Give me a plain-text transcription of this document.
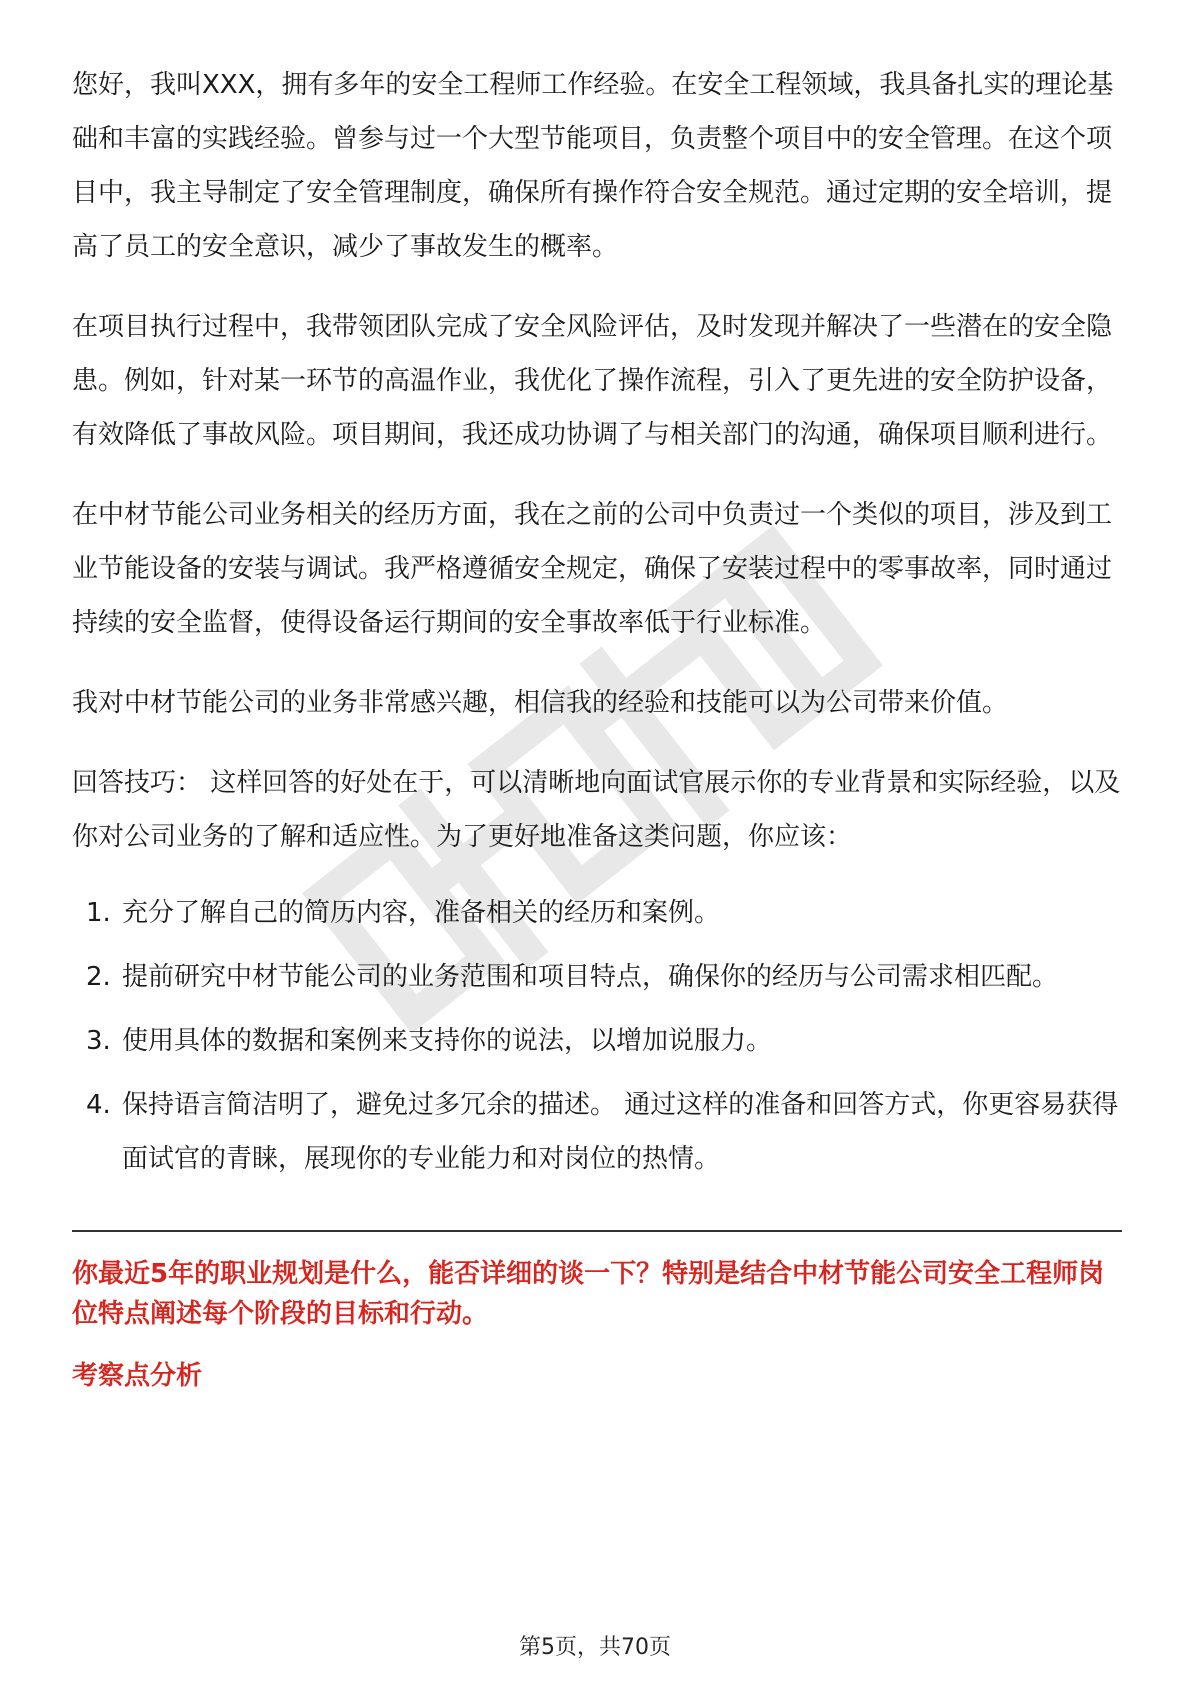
您好，我叫XXX，拥有多年的安全工程师工作经验。在安全工程领域，我具备扎实的理论基础和丰富的实践经验。曾参与过一个大型节能项目，负责整个项目中的安全管理。在这个项目中，我主导制定了安全管理制度，确保所有操作符合安全规范。通过定期的安全培训，提高了员工的安全意识，减少了事故发生的概率。

在项目执行过程中，我带领团队完成了安全风险评估，及时发现并解决了一些潜在的安全隐患。例如，针对某一环节的高温作业，我优化了操作流程，引入了更先进的安全防护设备，有效降低了事故风险。项目期间，我还成功协调了与相关部门的沟通，确保项目顺利进行。

在中材节能公司业务相关的经历方面，我在之前的公司中负责过一个类似的项目，涉及到工业节能设备的安装与调试。我严格遵循安全规定，确保了安装过程中的零事故率，同时通过持续的安全监督，使得设备运行期间的安全事故率低于行业标准。

我对中材节能公司的业务非常感兴趣，相信我的经验和技能可以为公司带来价值。

回答技巧： 这样回答的好处在于，可以清晰地向面试官展示你的专业背景和实际经验，以及你对公司业务的了解和适应性。为了更好地准备这类问题，你应该：

1. 充分了解自己的简历内容，准备相关的经历和案例。
2. 提前研究中材节能公司的业务范围和项目特点，确保你的经历与公司需求相匹配。
3. 使用具体的数据和案例来支持你的说法，以增加说服力。
4. 保持语言简洁明了，避免过多冗余的描述。 通过这样的准备和回答方式，你更容易获得面试官的青睐，展现你的专业能力和对岗位的热情。
你最近5年的职业规划是什么，能否详细的谈一下？特别是结合中材节能公司安全工程师岗位特点阐述每个阶段的目标和行动。
考察点分析
第5页，共70页
